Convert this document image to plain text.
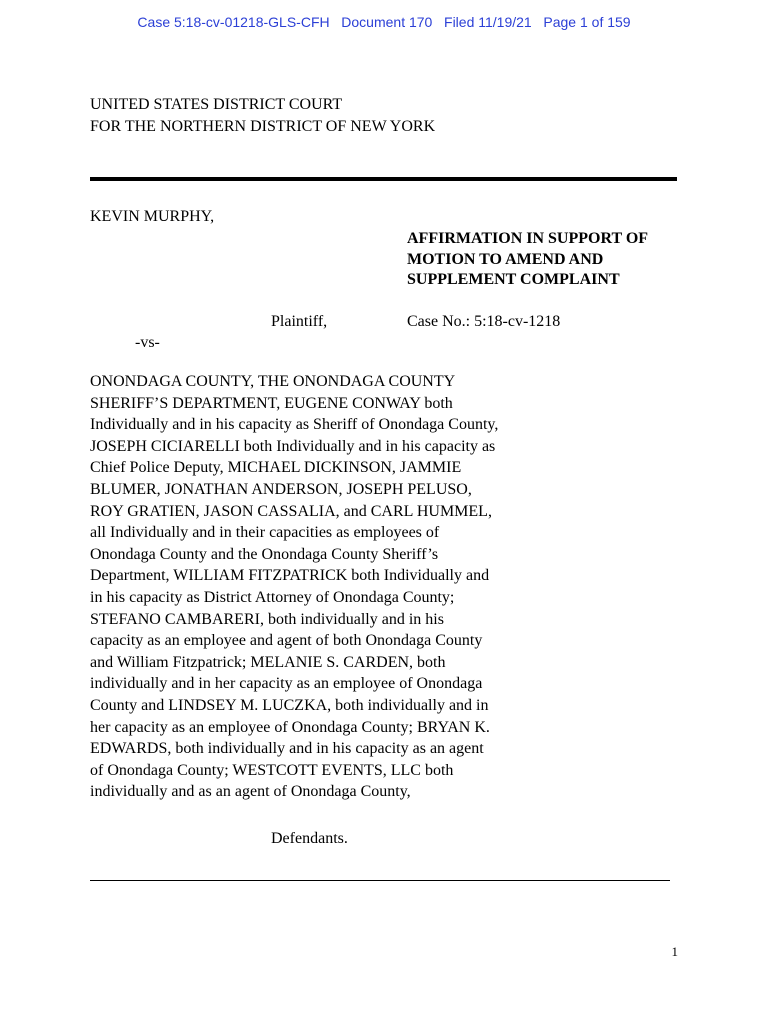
Case 5:18-cv-01218-GLS-CFH Document 170 Filed 11/19/21 Page 1 of 159
UNITED STATES DISTRICT COURT
FOR THE NORTHERN DISTRICT OF NEW YORK
KEVIN MURPHY,
AFFIRMATION IN SUPPORT OF
MOTION TO AMEND AND
SUPPLEMENT COMPLAINT
Plaintiff,	Case No.: 5:18-cv-1218
-vs-
ONONDAGA COUNTY, THE ONONDAGA COUNTY
SHERIFF’S DEPARTMENT, EUGENE CONWAY both
Individually and in his capacity as Sheriff of Onondaga County,
JOSEPH CICIARELLI both Individually and in his capacity as
Chief Police Deputy, MICHAEL DICKINSON, JAMMIE
BLUMER, JONATHAN ANDERSON, JOSEPH PELUSO,
ROY GRATIEN, JASON CASSALIA, and CARL HUMMEL,
all Individually and in their capacities as employees of
Onondaga County and the Onondaga County Sheriff’s
Department, WILLIAM FITZPATRICK both Individually and
in his capacity as District Attorney of Onondaga County;
STEFANO CAMBARERI, both individually and in his
capacity as an employee and agent of both Onondaga County
and William Fitzpatrick; MELANIE S. CARDEN, both
individually and in her capacity as an employee of Onondaga
County and LINDSEY M. LUCZKA, both individually and in
her capacity as an employee of Onondaga County; BRYAN K.
EDWARDS, both individually and in his capacity as an agent
of Onondaga County; WESTCOTT EVENTS, LLC both
individually and as an agent of Onondaga County,
Defendants.
1
